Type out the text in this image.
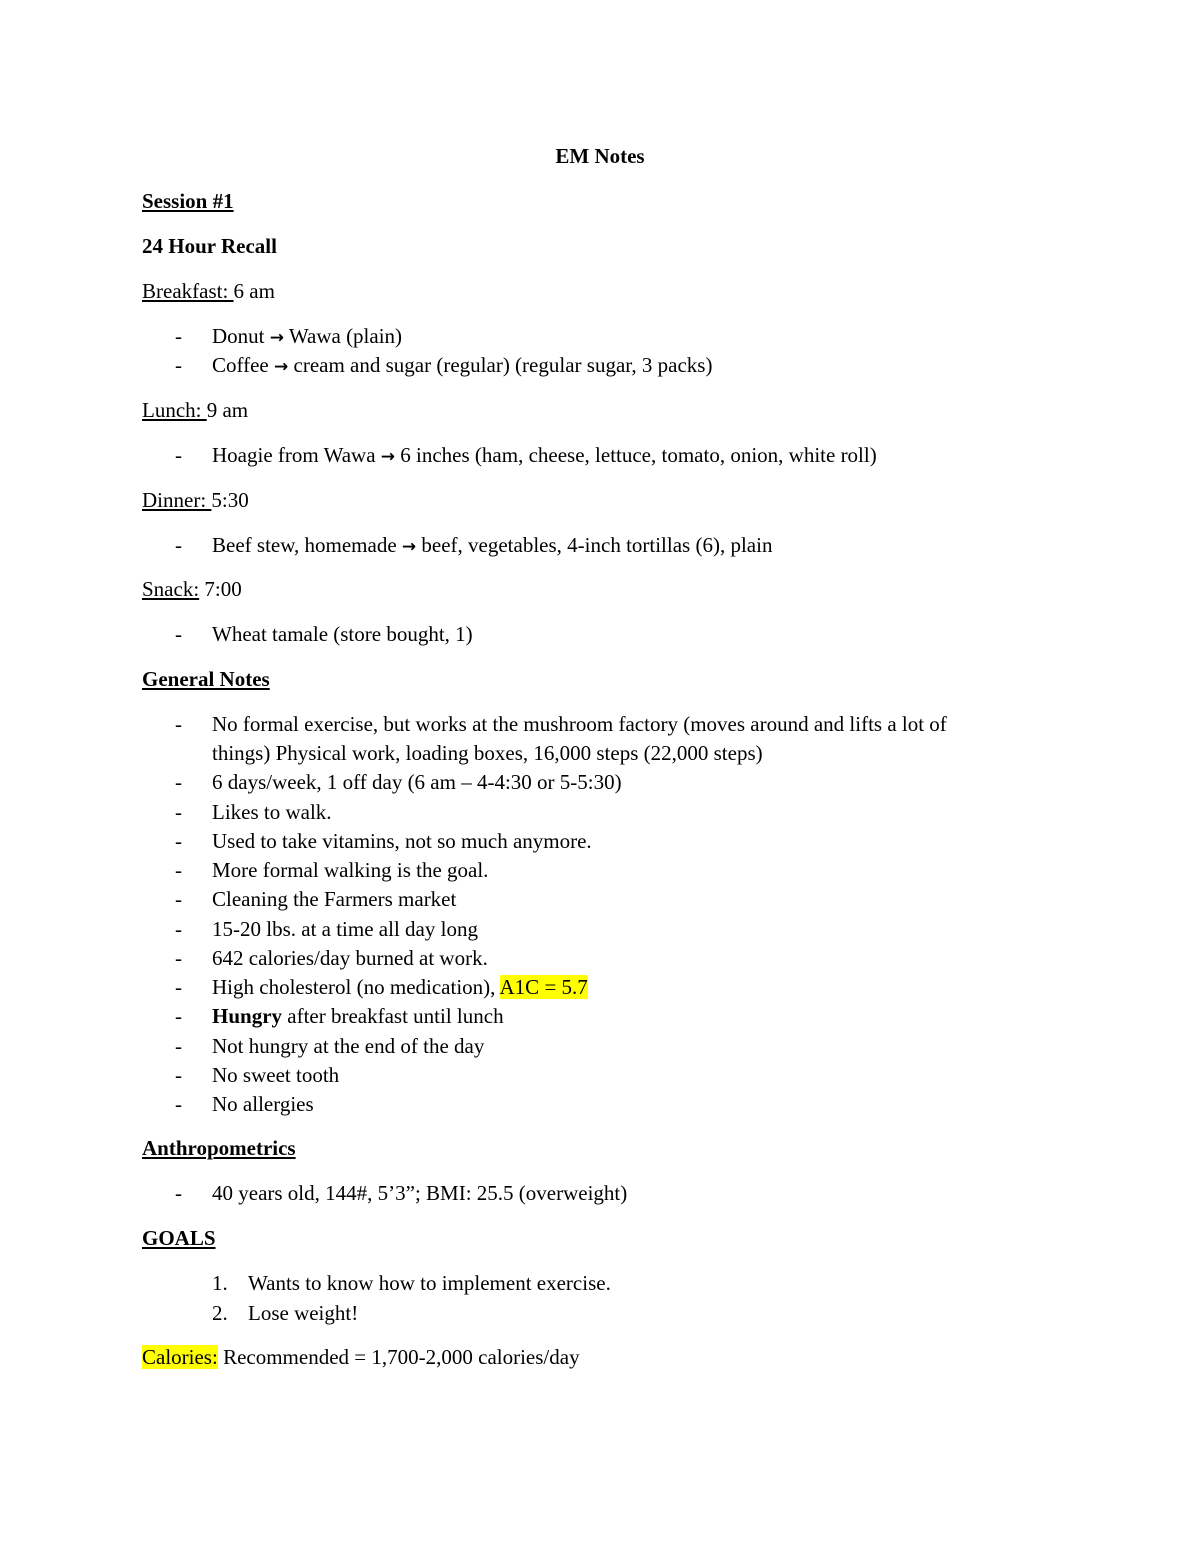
EM Notes
Session #1
24 Hour Recall
Breakfast: 6 am
- Donut → Wawa (plain)
- Coffee → cream and sugar (regular) (regular sugar, 3 packs)
Lunch: 9 am
- Hoagie from Wawa → 6 inches (ham, cheese, lettuce, tomato, onion, white roll)
Dinner: 5:30
- Beef stew, homemade → beef, vegetables, 4-inch tortillas (6), plain
Snack: 7:00
- Wheat tamale (store bought, 1)
General Notes
- No formal exercise, but works at the mushroom factory (moves around and lifts a lot of
things) Physical work, loading boxes, 16,000 steps (22,000 steps)
- 6 days/week, 1 off day (6 am – 4-4:30 or 5-5:30)
- Likes to walk.
- Used to take vitamins, not so much anymore.
- More formal walking is the goal.
- Cleaning the Farmers market
- 15-20 lbs. at a time all day long
- 642 calories/day burned at work.
- High cholesterol (no medication), A1C = 5.7
- Hungry after breakfast until lunch
- Not hungry at the end of the day
- No sweet tooth
- No allergies
Anthropometrics
- 40 years old, 144#, 5’3”; BMI: 25.5 (overweight)
GOALS
1. Wants to know how to implement exercise.
2. Lose weight!
Calories: Recommended = 1,700-2,000 calories/day
